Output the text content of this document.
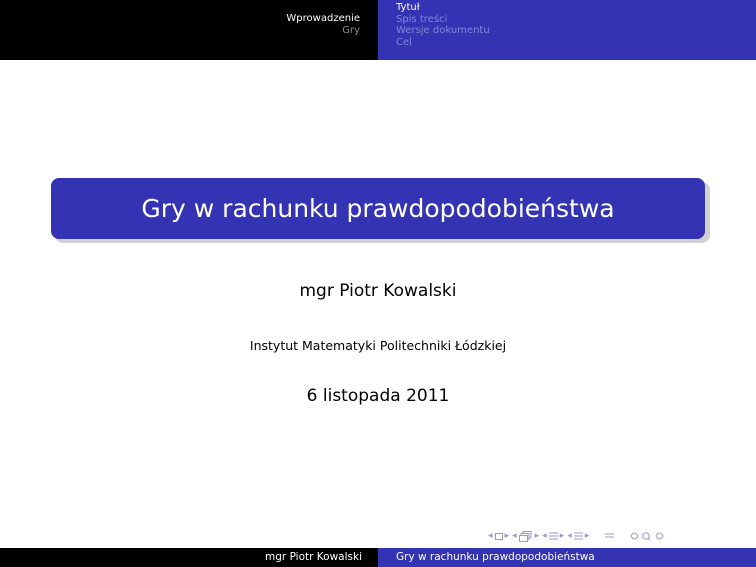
Wprowadzenie
Gry
Tytuł
Spis treści
Wersje dokumentu
Cel
Gry w rachunku prawdopodobieństwa
mgr Piotr Kowalski
Instytut Matematyki Politechniki Łódzkiej
6 listopada 2011
◂ ▸ ◂ ▸ ◂ ▸ ◂ ▸
mgr Piotr Kowalski	Gry w rachunku prawdopodobieństwa
